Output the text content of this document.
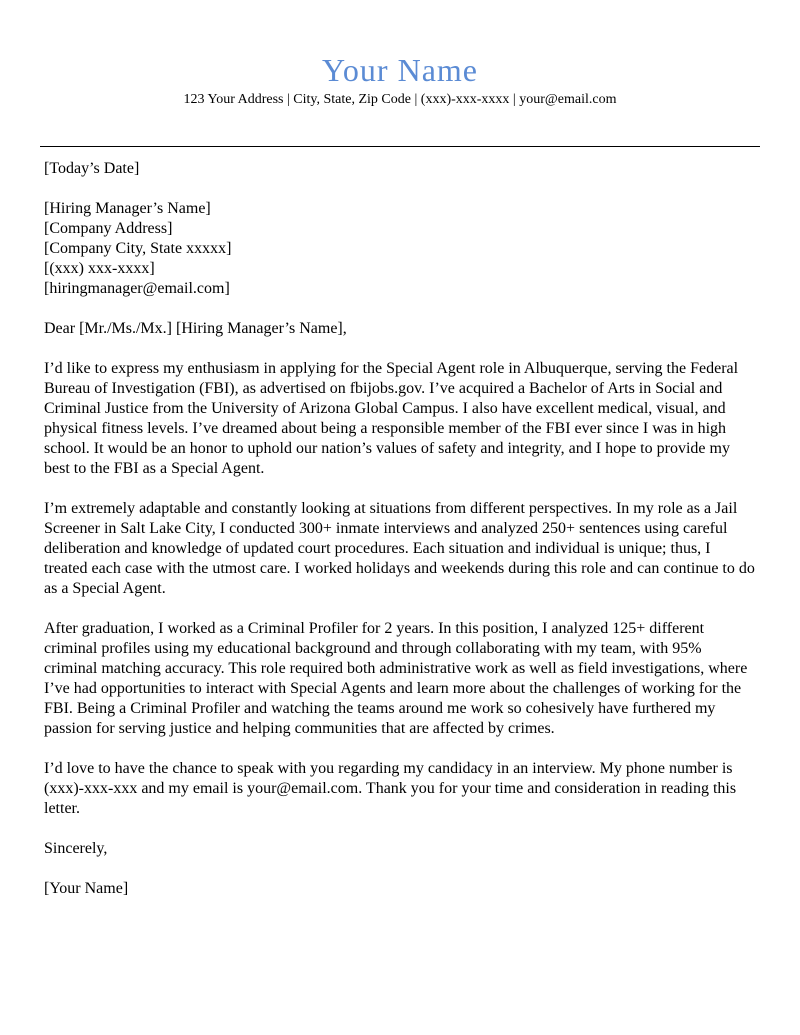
Your Name

123 Your Address | City, State, Zip Code | (xxx)-xxx-xxxx | your@email.com

[Today’s Date]

[Hiring Manager’s Name]
[Company Address]
[Company City, State xxxxx]
[(xxx) xxx-xxxx]
[hiringmanager@email.com]

Dear [Mr./Ms./Mx.] [Hiring Manager’s Name],

I’d like to express my enthusiasm in applying for the Special Agent role in Albuquerque, serving the Federal Bureau of Investigation (FBI), as advertised on fbijobs.gov. I’ve acquired a Bachelor of Arts in Social and Criminal Justice from the University of Arizona Global Campus. I also have excellent medical, visual, and physical fitness levels. I’ve dreamed about being a responsible member of the FBI ever since I was in high school. It would be an honor to uphold our nation’s values of safety and integrity, and I hope to provide my best to the FBI as a Special Agent.

I’m extremely adaptable and constantly looking at situations from different perspectives. In my role as a Jail Screener in Salt Lake City, I conducted 300+ inmate interviews and analyzed 250+ sentences using careful deliberation and knowledge of updated court procedures. Each situation and individual is unique; thus, I treated each case with the utmost care. I worked holidays and weekends during this role and can continue to do as a Special Agent.

After graduation, I worked as a Criminal Profiler for 2 years. In this position, I analyzed 125+ different criminal profiles using my educational background and through collaborating with my team, with 95% criminal matching accuracy. This role required both administrative work as well as field investigations, where I’ve had opportunities to interact with Special Agents and learn more about the challenges of working for the FBI. Being a Criminal Profiler and watching the teams around me work so cohesively have furthered my passion for serving justice and helping communities that are affected by crimes.

I’d love to have the chance to speak with you regarding my candidacy in an interview. My phone number is (xxx)-xxx-xxx and my email is your@email.com. Thank you for your time and consideration in reading this letter.

Sincerely,

[Your Name]
